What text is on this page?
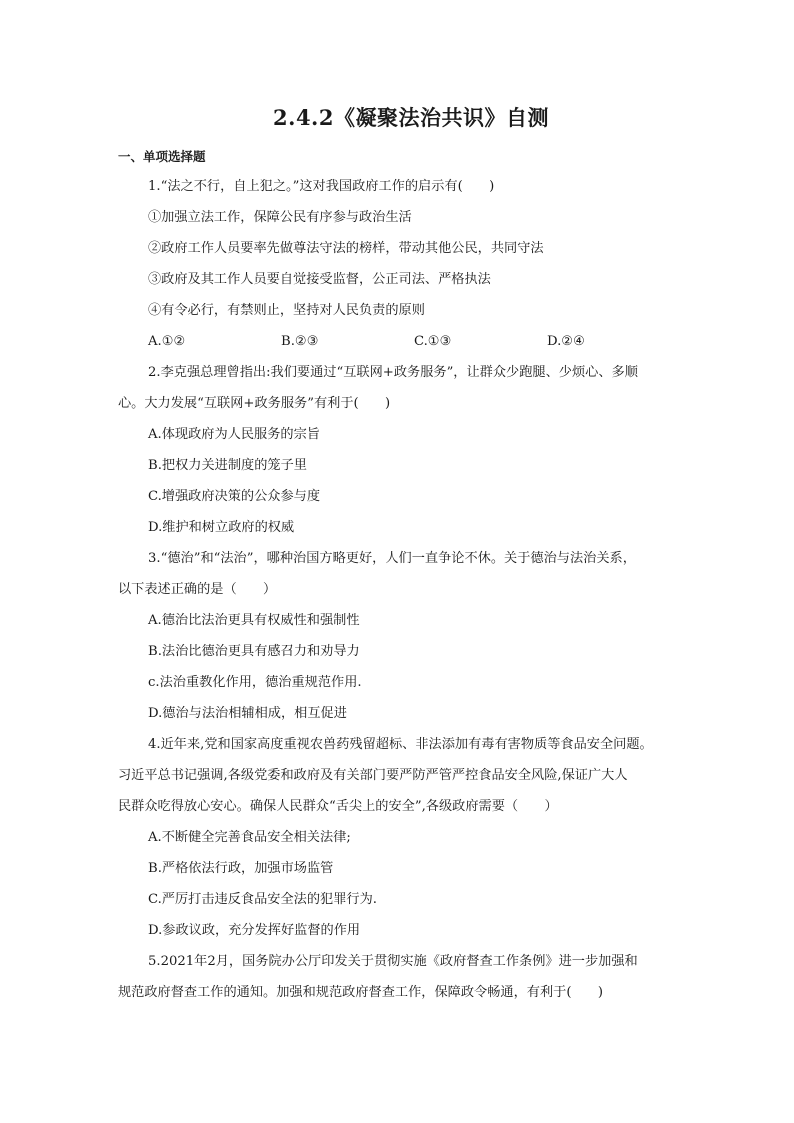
2.4.2《凝聚法治共识》自测
一、单项选择题
1.“法之不行，自上犯之。”这对我国政府工作的启示有(　　)
①加强立法工作，保障公民有序参与政治生活
②政府工作人员要率先做尊法守法的榜样，带动其他公民，共同守法
③政府及其工作人员要自觉接受监督，公正司法、严格执法
④有令必行，有禁则止，坚持对人民负责的原则
A.①②	B.②③	C.①③	D.②④
2.李克强总理曾指出:我们要通过“互联网+政务服务”，让群众少跑腿、少烦心、多顺
心。大力发展“互联网+政务服务”有利于(　　)
A.体现政府为人民服务的宗旨
B.把权力关进制度的笼子里
C.增强政府决策的公众参与度
D.维护和树立政府的权威
3.“德治”和“法治”，哪种治国方略更好，人们一直争论不休。关于德治与法治关系，
以下表述正确的是（　　）
A.德治比法治更具有权威性和强制性
B.法治比德治更具有感召力和劝导力
c.法治重教化作用，德治重规范作用.
D.德治与法治相辅相成，相互促进
4.近年来,党和国家高度重视农兽药残留超标、非法添加有毒有害物质等食品安全问题。
习近平总书记强调,各级党委和政府及有关部门要严防严管严控食品安全风险,保证广大人
民群众吃得放心安心。确保人民群众“舌尖上的安全”,各级政府需要（　　）
A.不断健全完善食品安全相关法律;
B.严格依法行政，加强市场监管
C.严厉打击违反食品安全法的犯罪行为.
D.参政议政，充分发挥好监督的作用
5.2021年2月，国务院办公厅印发关于贯彻实施《政府督查工作条例》进一步加强和
规范政府督查工作的通知。加强和规范政府督查工作，保障政令畅通，有利于(　　)
